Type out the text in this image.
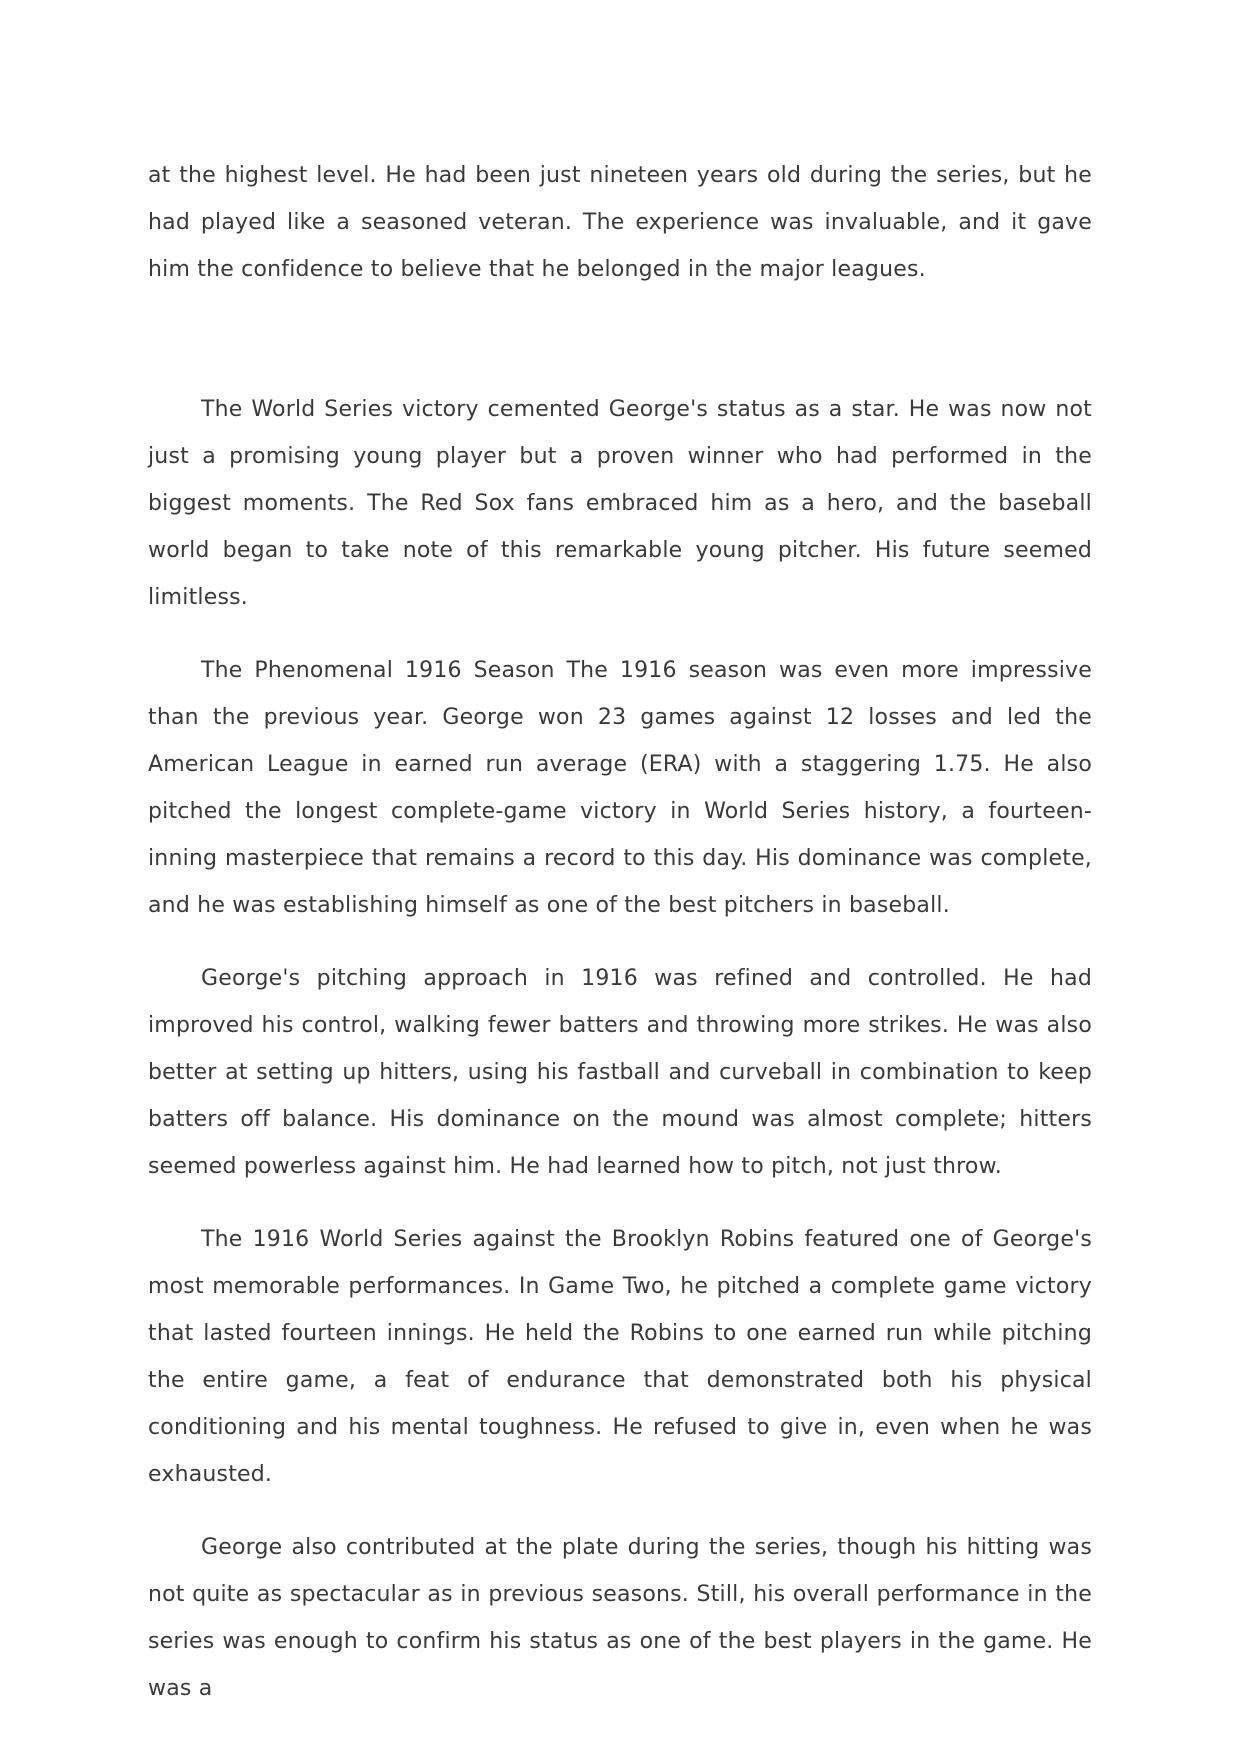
at the highest level. He had been just nineteen years old during the series, but he had played like a seasoned veteran. The experience was invaluable, and it gave him the confidence to believe that he belonged in the major leagues.

The World Series victory cemented George's status as a star. He was now not just a promising young player but a proven winner who had performed in the biggest moments. The Red Sox fans embraced him as a hero, and the baseball world began to take note of this remarkable young pitcher. His future seemed limitless.

The Phenomenal 1916 Season The 1916 season was even more impressive than the previous year. George won 23 games against 12 losses and led the American League in earned run average (ERA) with a staggering 1.75. He also pitched the longest complete-game victory in World Series history, a fourteen-inning masterpiece that remains a record to this day. His dominance was complete, and he was establishing himself as one of the best pitchers in baseball.

George's pitching approach in 1916 was refined and controlled. He had improved his control, walking fewer batters and throwing more strikes. He was also better at setting up hitters, using his fastball and curveball in combination to keep batters off balance. His dominance on the mound was almost complete; hitters seemed powerless against him. He had learned how to pitch, not just throw.

The 1916 World Series against the Brooklyn Robins featured one of George's most memorable performances. In Game Two, he pitched a complete game victory that lasted fourteen innings. He held the Robins to one earned run while pitching the entire game, a feat of endurance that demonstrated both his physical conditioning and his mental toughness. He refused to give in, even when he was exhausted.

George also contributed at the plate during the series, though his hitting was not quite as spectacular as in previous seasons. Still, his overall performance in the series was enough to confirm his status as one of the best players in the game. He was a
